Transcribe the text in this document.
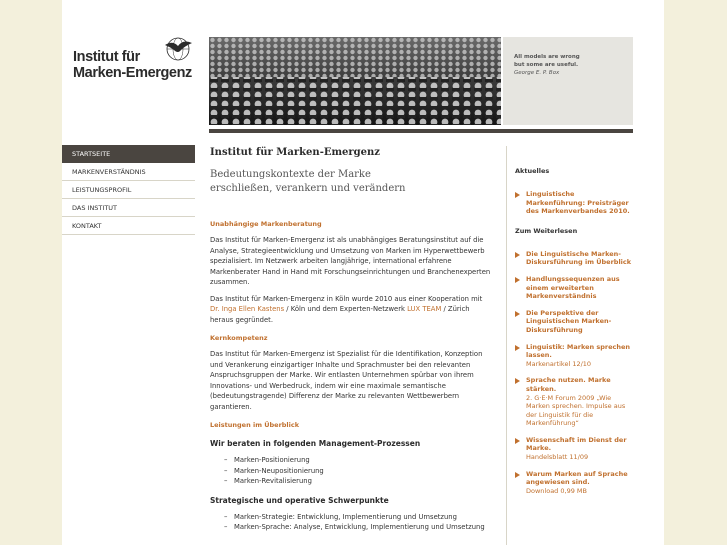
Institut für
Marken-Emergenz
All models are wrong
but some are useful.
George E. P. Box
STARTSEITE
MARKENVERSTÄNDNIS
LEISTUNGSPROFIL
DAS INSTITUT
KONTAKT
Institut für Marken-Emergenz
Bedeutungskontexte der Marke
erschließen, verankern und verändern
Unabhängige Markenberatung
Das Institut für Marken-Emergenz ist als unabhängiges Beratungsinstitut auf die Analyse, Strategieentwicklung und Umsetzung von Marken im Hyperwettbewerb spezialisiert. Im Netzwerk arbeiten langjährige, international erfahrene Markenberater Hand in Hand mit Forschungseinrichtungen und Branchenexperten zusammen.
Das Institut für Marken-Emergenz in Köln wurde 2010 aus einer Kooperation mit Dr. Inga Ellen Kastens / Köln und dem Experten-Netzwerk LUX TEAM / Zürich heraus gegründet.
Kernkompetenz
Das Institut für Marken-Emergenz ist Spezialist für die Identifikation, Konzeption und Verankerung einzigartiger Inhalte und Sprachmuster bei den relevanten Anspruchsgruppen der Marke. Wir entlasten Unternehmen spürbar von ihrem Innovations- und Werbedruck, indem wir eine maximale semantische (bedeutungstragende) Differenz der Marke zu relevanten Wettbewerbern garantieren.
Leistungen im Überblick
Wir beraten in folgenden Management-Prozessen
– Marken-Positionierung
– Marken-Neupositionierung
– Marken-Revitalisierung
Strategische und operative Schwerpunkte
– Marken-Strategie: Entwicklung, Implementierung und Umsetzung
– Marken-Sprache: Analyse, Entwicklung, Implementierung und Umsetzung
Aktuelles
Linguistische Markenführung: Preisträger des Markenverbandes 2010.
Zum Weiterlesen
Die Linguistische Marken-Diskursführung im Überblick
Handlungssequenzen aus einem erweiterten Markenverständnis
Die Perspektive der Linguistischen Marken-Diskursführung
Linguistik: Marken sprechen lassen.
Markenartikel 12/10
Sprache nutzen. Marke stärken.
2. G·E·M Forum 2009 „Wie Marken sprechen. Impulse aus der Linguistik für die Markenführung“
Wissenschaft im Dienst der Marke.
Handelsblatt 11/09
Warum Marken auf Sprache angewiesen sind.
Download 0,99 MB
